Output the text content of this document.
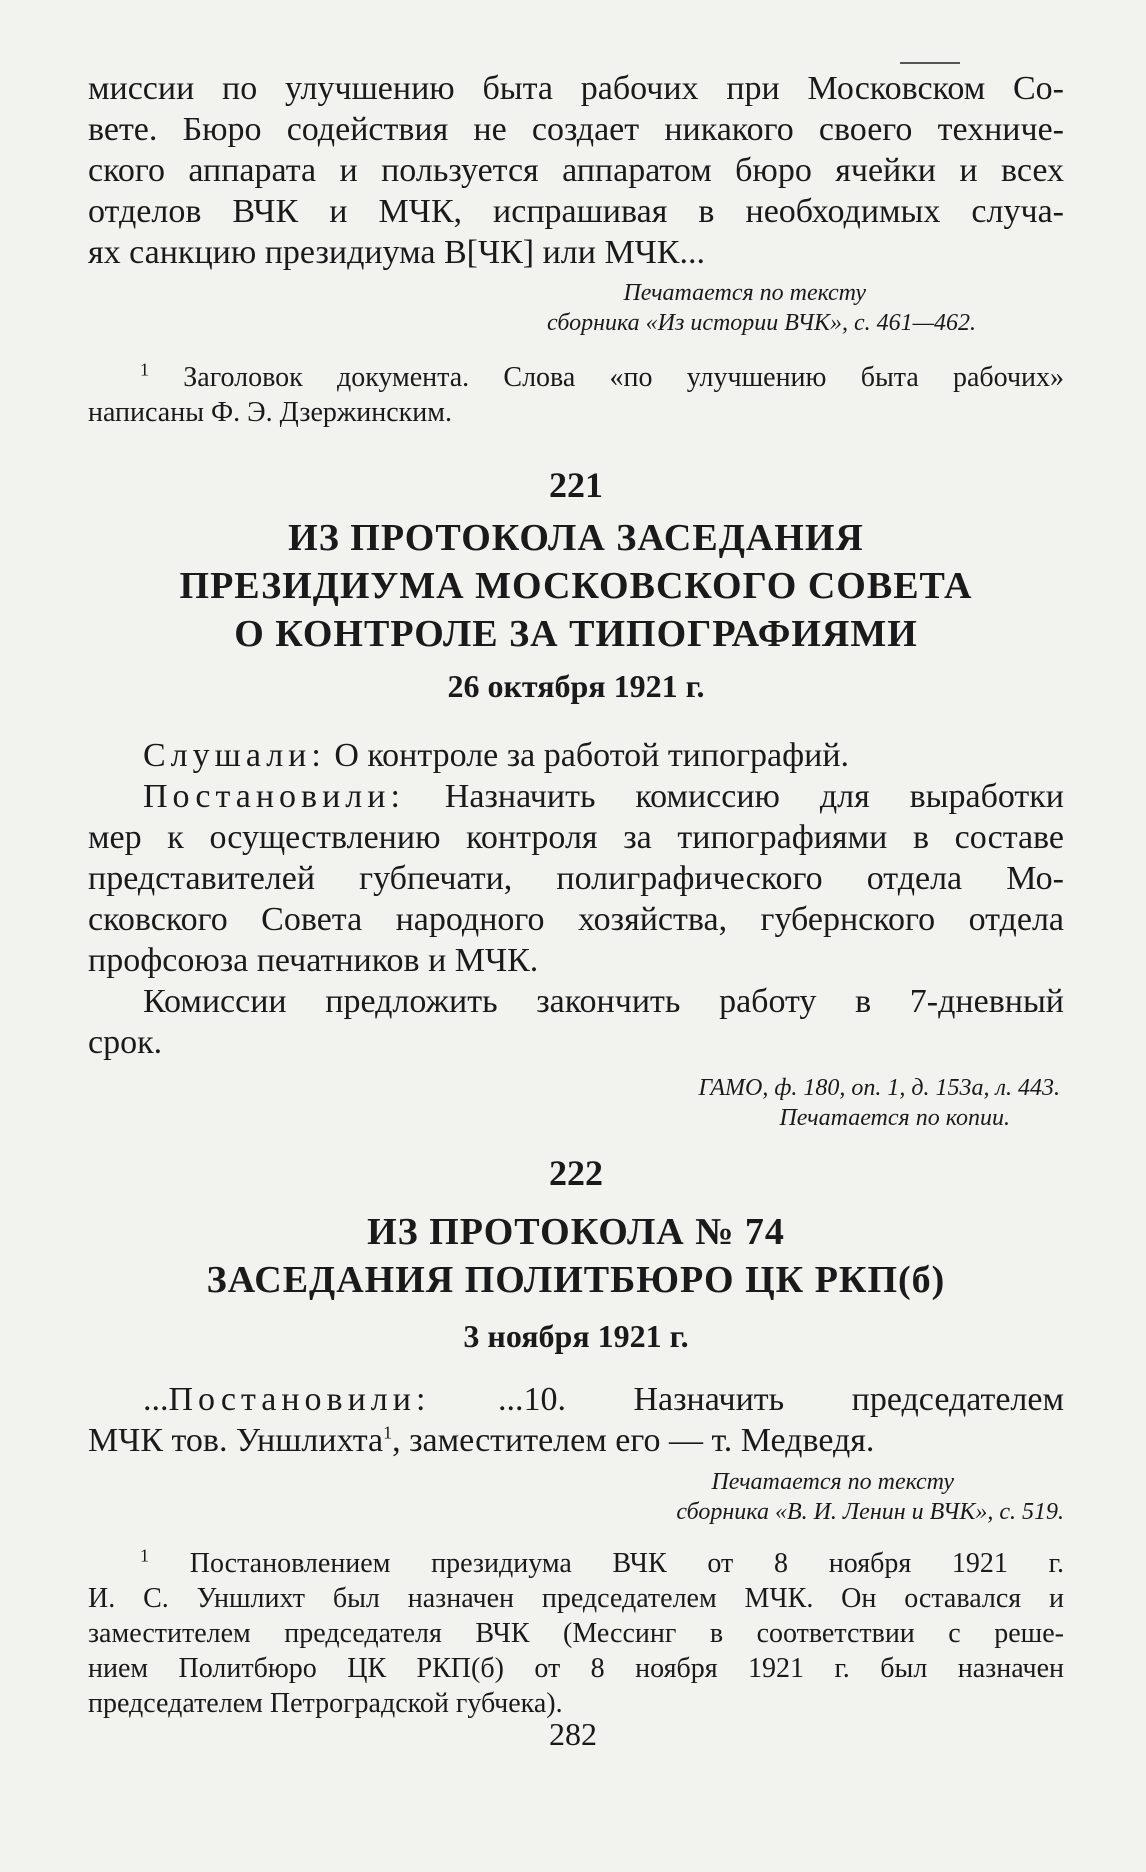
миссии по улучшению быта рабочих при Московском Со-
вете. Бюро содействия не создает никакого своего техниче-
ского аппарата и пользуется аппаратом бюро ячейки и всех
отделов ВЧК и МЧК, испрашивая в необходимых случа-
ях санкцию президиума В[ЧК] или МЧК...

Печатается по тексту

сборника «Из истории ВЧК», с. 461—462.

$^1$ Заголовок документа. Слова «по улучшению быта рабочих»
написаны Ф. Э. Дзержинским.

221

ИЗ ПРОТОКОЛА ЗАСЕДАНИЯ

ПРЕЗИДИУМА МОСКОВСКОГО СОВЕТА

О КОНТРОЛЕ ЗА ТИПОГРАФИЯМИ

26 октября 1921 г.

Слушали: О контроле за работой типографий.

Постановили: Назначить комиссию для выработки
мер к осуществлению контроля за типографиями в составе
представителей губпечати, полиграфического отдела Мо-
сковского Совета народного хозяйства, губернского отдела
профсоюза печатников и МЧК.

Комиссии предложить закончить работу в 7-дневный
срок.

ГАМО, ф. 180, оп. 1, д. 153а, л. 443.

Печатается по копии.

222

ИЗ ПРОТОКОЛА № 74

ЗАСЕДАНИЯ ПОЛИТБЮРО ЦК РКП(б)

3 ноября 1921 г.

...Постановили: ...10. Назначить председателем
МЧК тов. Уншлихта$^1$, заместителем его — т. Медведя.

Печатается по тексту

сборника «В. И. Ленин и ВЧК», с. 519.

$^1$ Постановлением президиума ВЧК от 8 ноября 1921 г.
И. С. Уншлихт был назначен председателем МЧК. Он оставался и
заместителем председателя ВЧК (Мессинг в соответствии с реше-
нием Политбюро ЦК РКП(б) от 8 ноября 1921 г. был назначен
председателем Петроградской губчека).

282
